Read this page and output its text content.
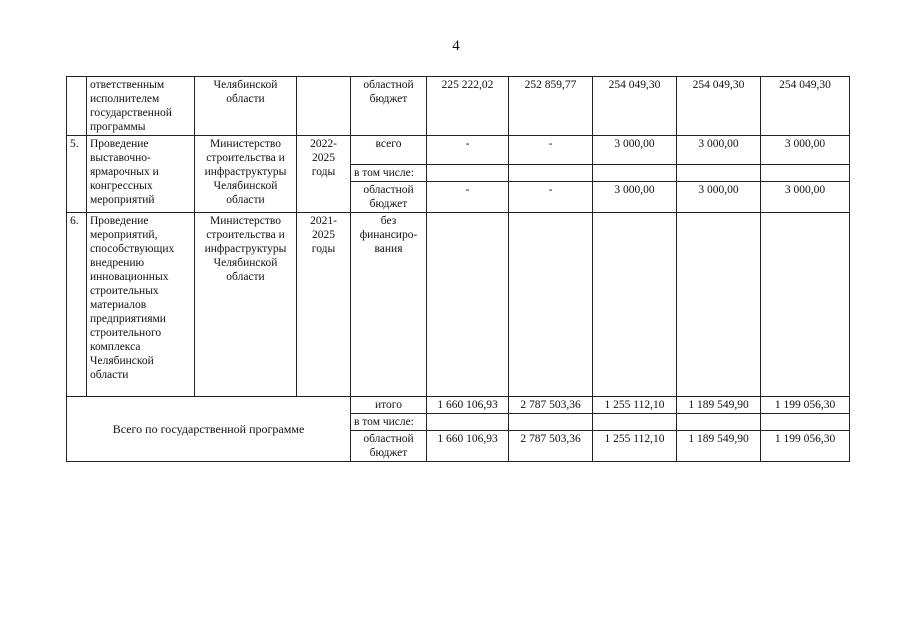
4
	ответственным исполнителем государственной программы	Челябинской области		областной бюджет	225 222,02	252 859,77	254 049,30	254 049,30	254 049,30
5.	Проведение выставочно-ярмарочных и конгрессных мероприятий	Министерство строительства и инфраструктуры Челябинской области	2022-2025 годы	всего	-	-	3 000,00	3 000,00	3 000,00
				в том числе:					
				областной бюджет	-	-	3 000,00	3 000,00	3 000,00
6.	Проведение мероприятий, способствующих внедрению инновационных строительных материалов предприятиями строительного комплекса Челябинской области	Министерство строительства и инфраструктуры Челябинской области	2021-2025 годы	без финансиро-вания					
Всего по государственной программе				итого	1 660 106,93	2 787 503,36	1 255 112,10	1 189 549,90	1 199 056,30
				в том числе:					
				областной бюджет	1 660 106,93	2 787 503,36	1 255 112,10	1 189 549,90	1 199 056,30
